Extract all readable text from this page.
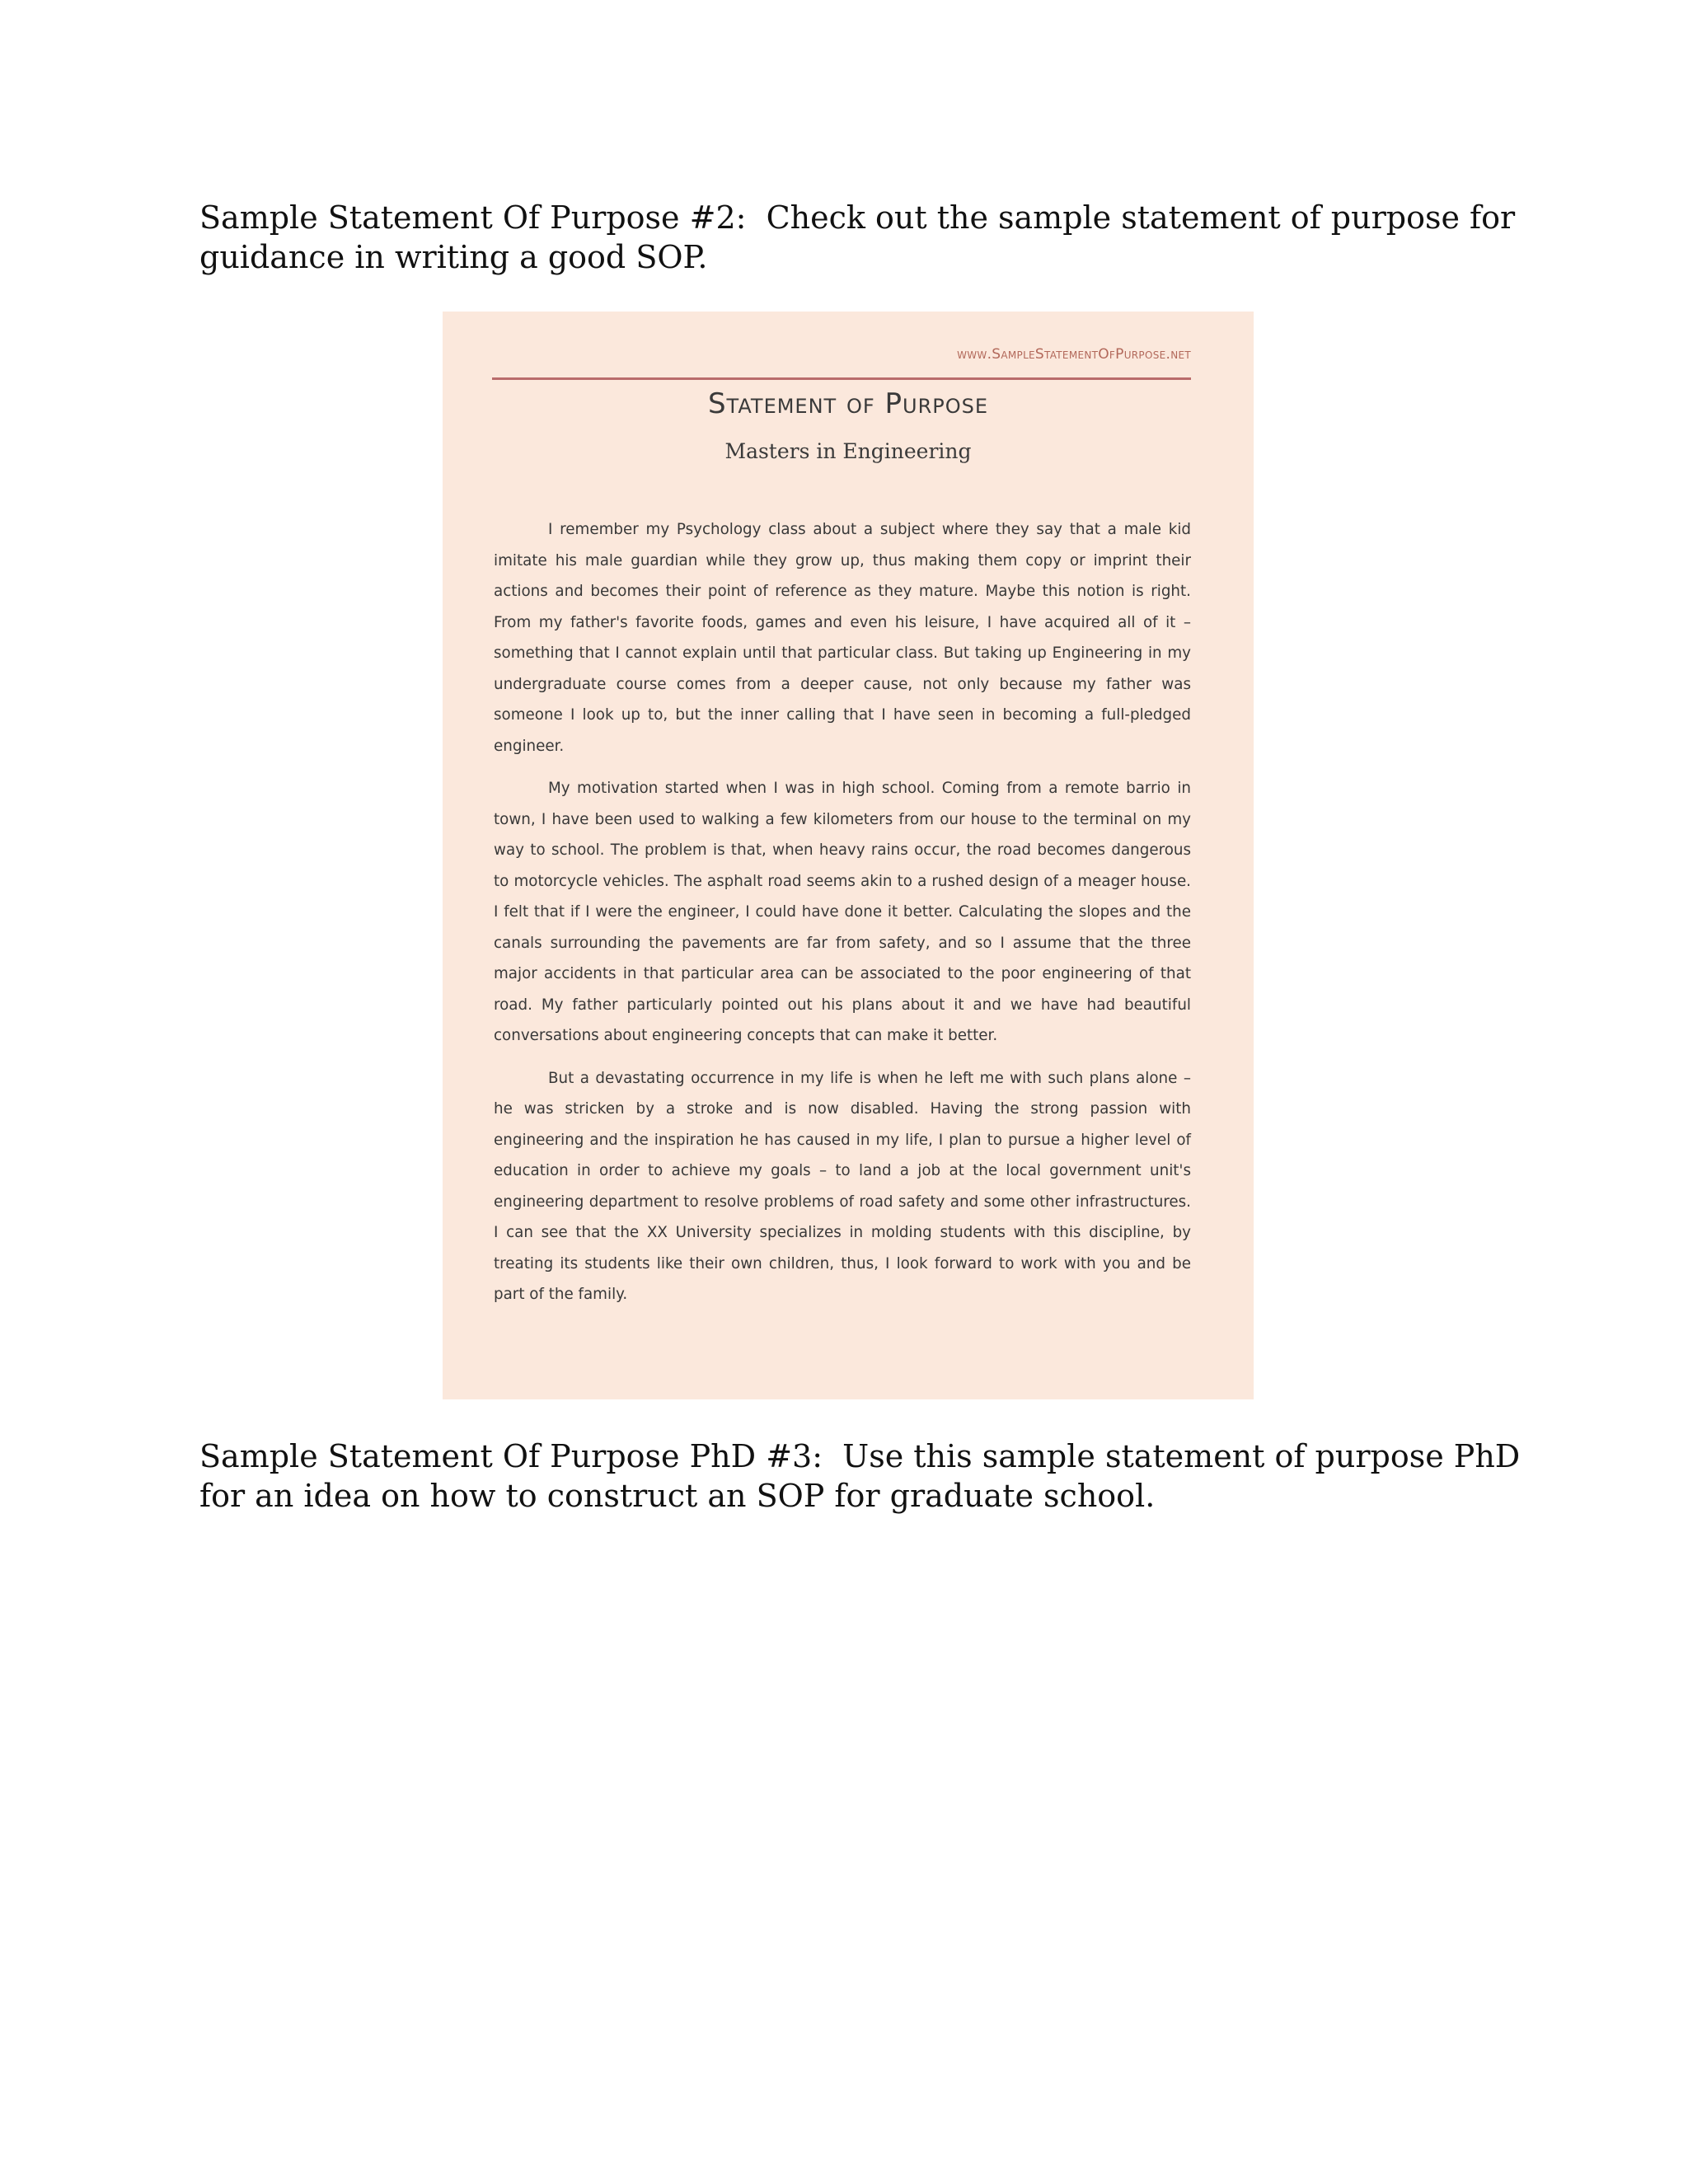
Sample Statement Of Purpose #2:  Check out the sample statement of purpose for guidance in writing a good SOP.

www.SampleStatementOfPurpose.net
Statement of Purpose
Masters in Engineering

I remember my Psychology class about a subject where they say that a male kid imitate his male guardian while they grow up, thus making them copy or imprint their actions and becomes their point of reference as they mature. Maybe this notion is right. From my father's favorite foods, games and even his leisure, I have acquired all of it – something that I cannot explain until that particular class. But taking up Engineering in my undergraduate course comes from a deeper cause, not only because my father was someone I look up to, but the inner calling that I have seen in becoming a full-pledged engineer.

My motivation started when I was in high school. Coming from a remote barrio in town, I have been used to walking a few kilometers from our house to the terminal on my way to school. The problem is that, when heavy rains occur, the road becomes dangerous to motorcycle vehicles. The asphalt road seems akin to a rushed design of a meager house. I felt that if I were the engineer, I could have done it better. Calculating the slopes and the canals surrounding the pavements are far from safety, and so I assume that the three major accidents in that particular area can be associated to the poor engineering of that road. My father particularly pointed out his plans about it and we have had beautiful conversations about engineering concepts that can make it better.

But a devastating occurrence in my life is when he left me with such plans alone – he was stricken by a stroke and is now disabled. Having the strong passion with engineering and the inspiration he has caused in my life, I plan to pursue a higher level of education in order to achieve my goals – to land a job at the local government unit's engineering department to resolve problems of road safety and some other infrastructures. I can see that the XX University specializes in molding students with this discipline, by treating its students like their own children, thus, I look forward to work with you and be part of the family.

Sample Statement Of Purpose PhD #3:  Use this sample statement of purpose PhD for an idea on how to construct an SOP for graduate school.
